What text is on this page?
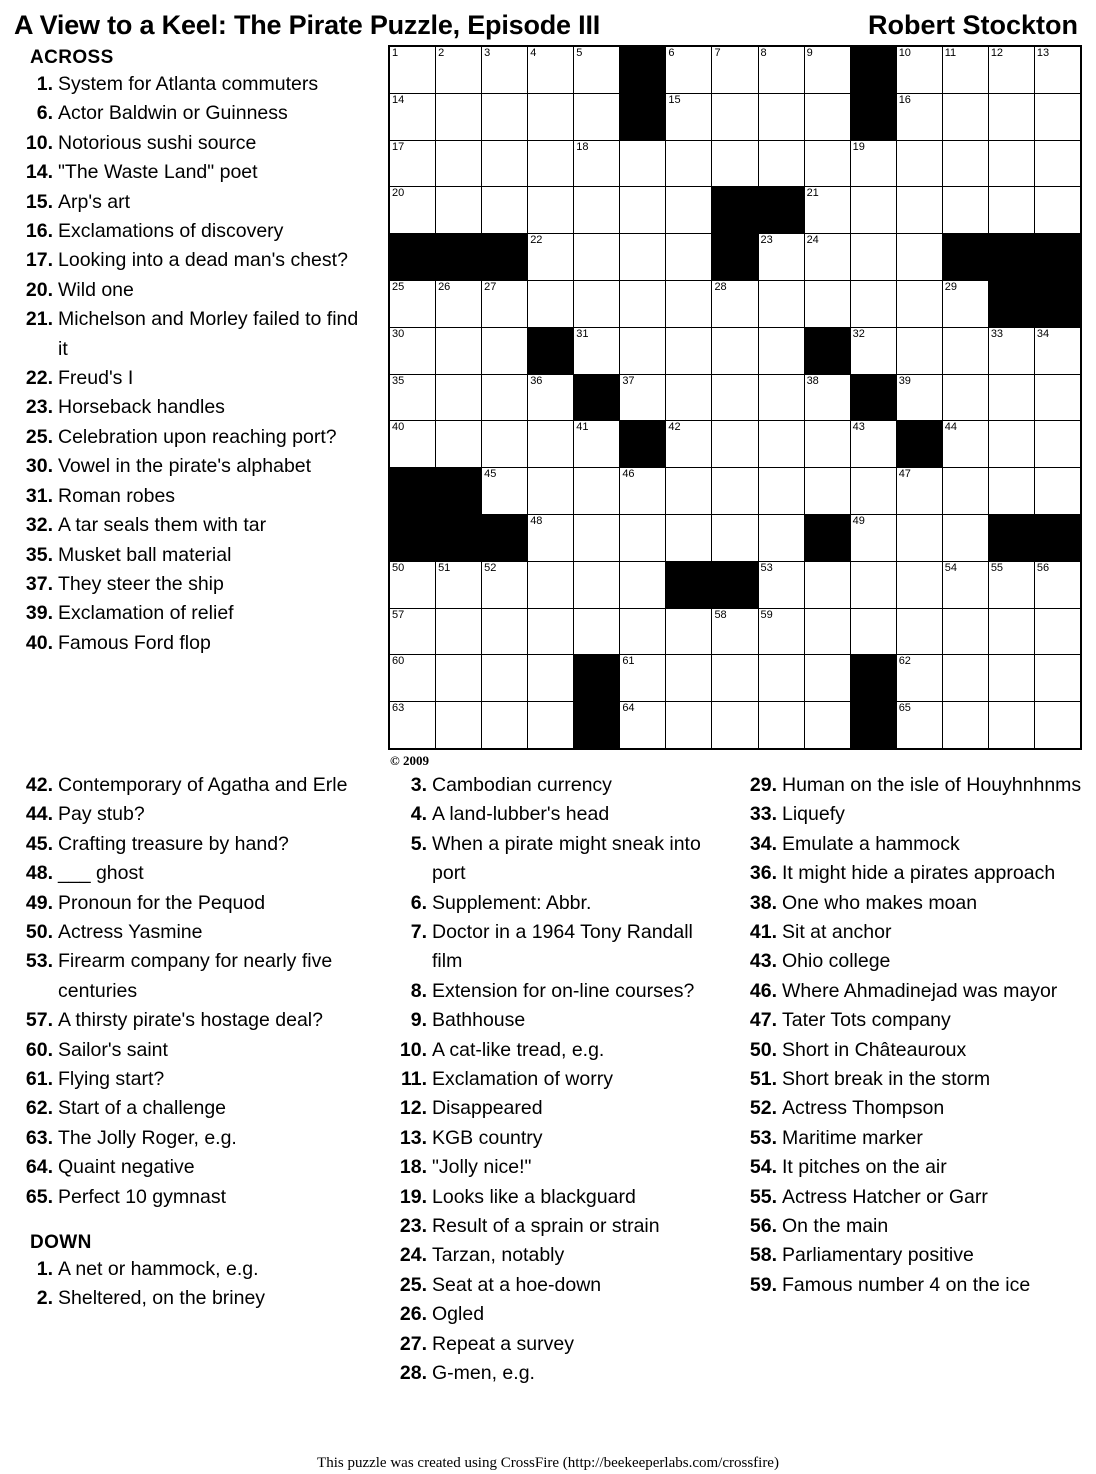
A View to a Keel: The Pirate Puzzle, Episode III	Robert Stockton
ACROSS
1. System for Atlanta commuters
6. Actor Baldwin or Guinness
10. Notorious sushi source
14. "The Waste Land" poet
15. Arp's art
16. Exclamations of discovery
17. Looking into a dead man's chest?
20. Wild one
21. Michelson and Morley failed to find it
22. Freud's I
23. Horseback handles
25. Celebration upon reaching port?
30. Vowel in the pirate's alphabet
31. Roman robes
32. A tar seals them with tar
35. Musket ball material
37. They steer the ship
39. Exclamation of relief
40. Famous Ford flop
1	2	3	4	5		6	7	8	9		10	11	12	13

14						15					16			

17				18						19				

20									21					

			22					23	24					

25	26	27					28					29		

30				31						32			33	34

35			36		37				38		39			

40				41		42				43		44		

		45			46						47			

			48							49				

50	51	52						53				54	55	56

57							58	59						

60					61						62			

63					64						65			

© 2009
42. Contemporary of Agatha and Erle
44. Pay stub?
45. Crafting treasure by hand?
48. ___ ghost
49. Pronoun for the Pequod
50. Actress Yasmine
53. Firearm company for nearly five centuries
57. A thirsty pirate's hostage deal?
60. Sailor's saint
61. Flying start?
62. Start of a challenge
63. The Jolly Roger, e.g.
64. Quaint negative
65. Perfect 10 gymnast
DOWN
1. A net or hammock, e.g.
2. Sheltered, on the briney
3. Cambodian currency
4. A land-lubber's head
5. When a pirate might sneak into port
6. Supplement: Abbr.
7. Doctor in a 1964 Tony Randall film
8. Extension for on-line courses?
9. Bathhouse
10. A cat-like tread, e.g.
11. Exclamation of worry
12. Disappeared
13. KGB country
18. "Jolly nice!"
19. Looks like a blackguard
23. Result of a sprain or strain
24. Tarzan, notably
25. Seat at a hoe-down
26. Ogled
27. Repeat a survey
28. G-men, e.g.
29. Human on the isle of Houyhnhnms
33. Liquefy
34. Emulate a hammock
36. It might hide a pirates approach
38. One who makes moan
41. Sit at anchor
43. Ohio college
46. Where Ahmadinejad was mayor
47. Tater Tots company
50. Short in Châteauroux
51. Short break in the storm
52. Actress Thompson
53. Maritime marker
54. It pitches on the air
55. Actress Hatcher or Garr
56. On the main
58. Parliamentary positive
59. Famous number 4 on the ice
This puzzle was created using CrossFire (http://beekeeperlabs.com/crossfire)
